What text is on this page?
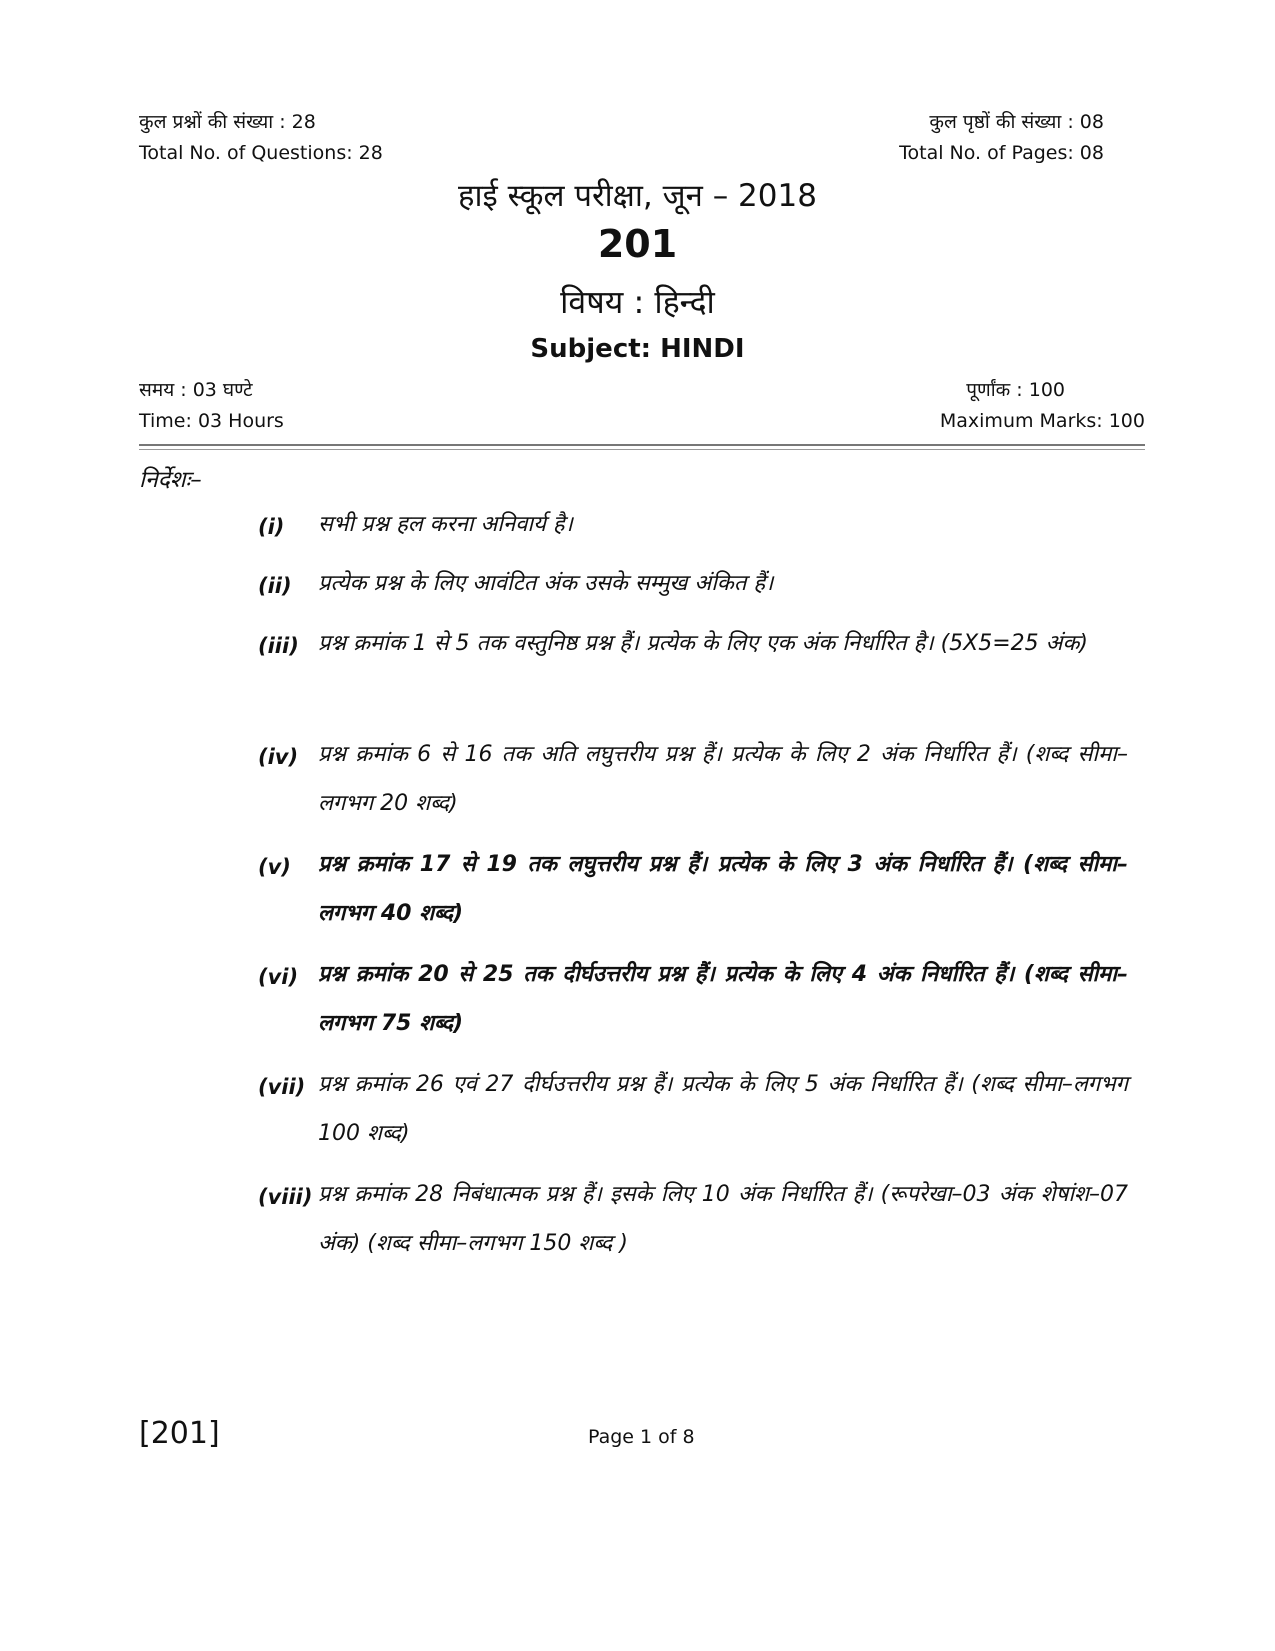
कुल प्रश्नों की संख्या : 28
Total No. of Questions: 28
कुल पृष्ठों की संख्या : 08
Total No. of Pages: 08
हाई स्कूल परीक्षा, जून – 2018
201
विषय : हिन्दी
Subject: HINDI
समय : 03 घण्टे
Time: 03 Hours
पूर्णांक : 100
Maximum Marks: 100
निर्देशः–
(i)	सभी प्रश्न हल करना अनिवार्य है।
(ii)	प्रत्येक प्रश्न के लिए आवंटित अंक उसके सम्मुख अंकित हैं।
(iii) प्रश्न क्रमांक 1 से 5 तक वस्तुनिष्ठ प्रश्न हैं। प्रत्येक के लिए एक अंक निर्धारित है। (5X5=25 अंक)
(iv) प्रश्न क्रमांक 6 से 16 तक अति लघुत्तरीय प्रश्न हैं। प्रत्येक के लिए 2 अंक निर्धारित हैं। (शब्द सीमा–लगभग 20 शब्द)
(v)	प्रश्न क्रमांक 17 से 19 तक लघुत्तरीय प्रश्न हैं। प्रत्येक के लिए 3 अंक निर्धारित हैं। (शब्द सीमा–लगभग 40 शब्द)
(vi) प्रश्न क्रमांक 20 से 25 तक दीर्घउत्तरीय प्रश्न हैं। प्रत्येक के लिए 4 अंक निर्धारित हैं। (शब्द सीमा–लगभग 75 शब्द)
(vii) प्रश्न क्रमांक 26 एवं 27 दीर्घउत्तरीय प्रश्न हैं। प्रत्येक के लिए 5 अंक निर्धारित हैं। (शब्द सीमा–लगभग 100 शब्द)
(viii) प्रश्न क्रमांक 28 निबंधात्मक प्रश्न हैं। इसके लिए 10 अंक निर्धारित हैं। (रूपरेखा–03 अंक शेषांश–07 अंक) (शब्द सीमा–लगभग 150 शब्द )
[201]	Page 1 of 8
